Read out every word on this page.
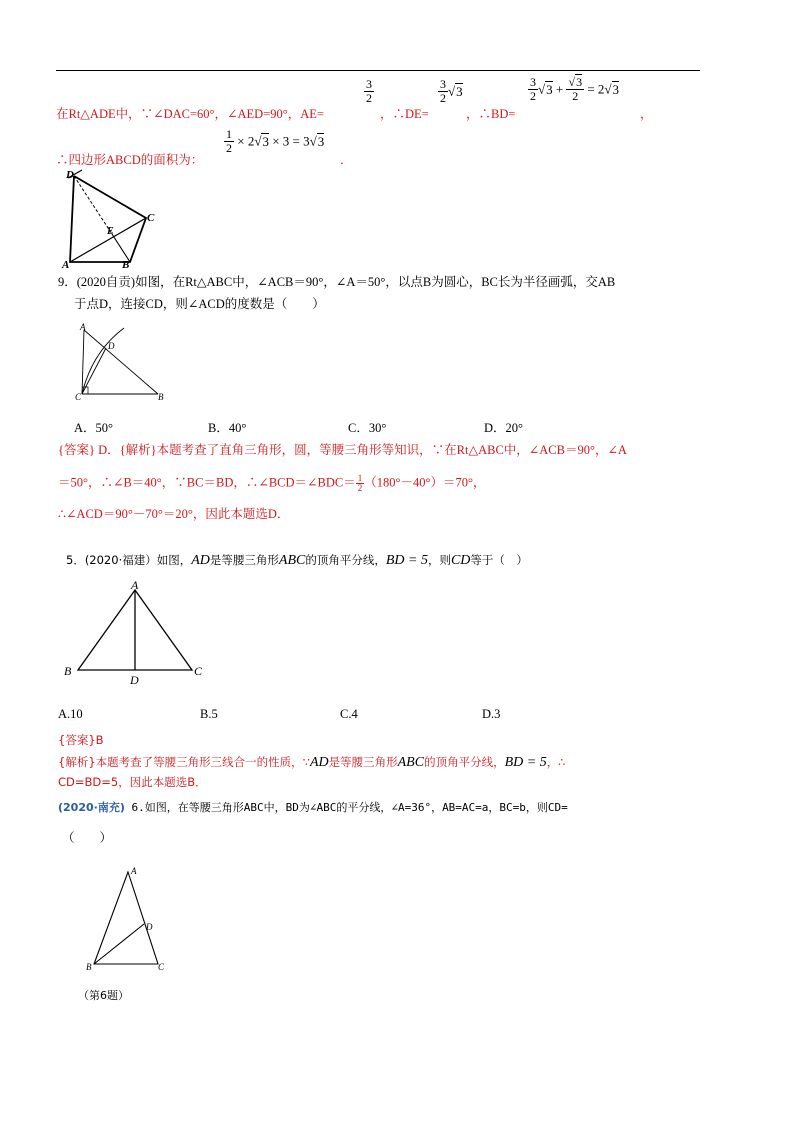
在Rt△ADE中，∵∠DAC=60°，∠AED=90°，AE=
$\frac{3}{2}$
，∴DE=
$\frac{3}{2} √3$
，∴BD=
$\frac{3}{2} √3 + \frac{√3}{2} = 2√3$
，
∴四边形ABCD的面积为：
$\frac{1}{2} \times 2√3 \times 3 = 3√3$
．
D
C
E
A	B
9．(2020自贡)如图，在Rt△ABC中，∠ACB＝90°，∠A＝50°，以点B为圆心，BC长为半径画弧，交AB
于点D，连接CD，则∠ACD的度数是（　　）
A
D
C	B
A．50°	B．40°	C．30°	D．20°
{答案} D．{解析}本题考查了直角三角形，圆，等腰三角形等知识，∵在Rt△ABC中，∠ACB＝90°，∠A
＝50°，∴∠B＝40°，∵BC＝BD，∴∠BCD＝∠BDC＝ $\frac{1}{2} (180^\circ-40^\circ)=70^\circ$，
∴∠ACD＝90°－70°＝20°，因此本题选D．
5．(2020·福建）如图，AD是等腰三角形ABC的顶角平分线，BD = 5，则CD等于（　）
A
B
D
C
A.10	B.5	C.4	D.3
{答案}B
{解析}本题考查了等腰三角形三线合一的性质，∵AD是等腰三角形ABC的顶角平分线，BD = 5，∴
CD=BD=5，因此本题选B．
(2020·南充) 6.如图，在等腰三角形ABC中，BD为∠ABC的平分线，∠A=36°，AB=AC=a，BC=b，则CD=
（　　）
A
D
B	C
（第6题）
